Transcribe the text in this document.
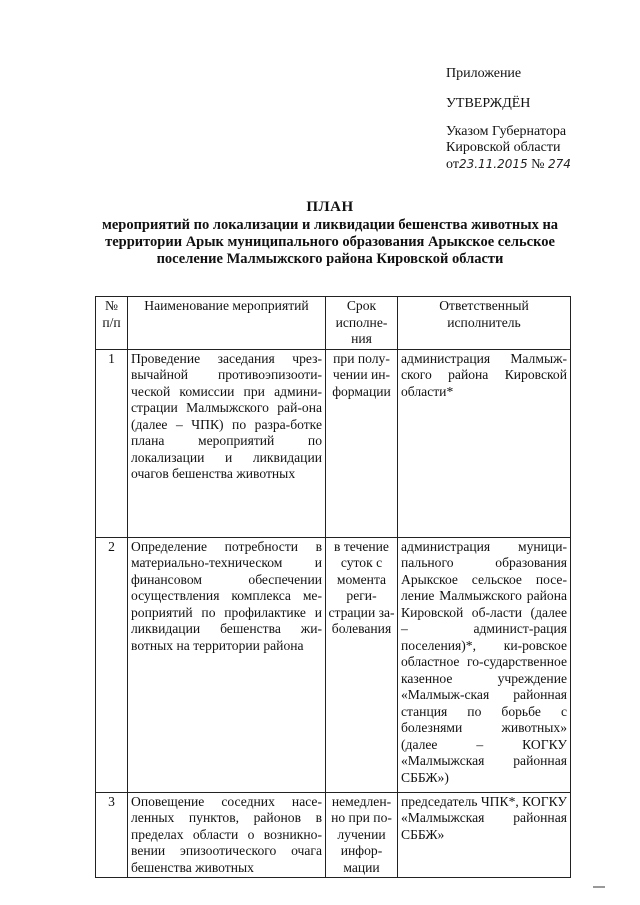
Приложение
УТВЕРЖДЁН
Указом Губернатора
Кировской области
от23.11.2015 № 274
ПЛАН
мероприятий по локализации и ликвидации бешенства животных на
территории Арык муниципального образования Арыкское сельское
поселение Малмыжского района Кировской области
№ п/п	Наименование мероприятий	Срок исполне-ния	Ответственный исполнитель
1	Проведение заседания чрез-вычайной противоэпизооти-ческой комиссии при админи-страции Малмыжского рай-она (далее – ЧПК) по разра-ботке плана мероприятий по локализации и ликвидации очагов бешенства животных	при полу-чении ин-формации	администрация Малмыж-ского района Кировской области*
2	Определение потребности в материально-техническом и финансовом обеспечении осуществления комплекса ме-роприятий по профилактике и ликвидации бешенства жи-вотных на территории района	в течение суток с момента реги-страции за-болевания	администрация муници-пального образования Арыкское сельское посе-ление Малмыжского района Кировской об-ласти (далее – админист-рация поселения)*, ки-ровское областное го-сударственное казенное учреждение «Малмыж-ская районная станция по борьбе с болезнями животных» (далее – КОГКУ «Малмыжская районная СББЖ»)
3	Оповещение соседних насе-ленных пунктов, районов в пределах области о возникно-вении эпизоотического очага бешенства животных	немедлен-но при по-лучении инфор-мации	председатель ЧПК*, КОГКУ «Малмыжская районная СББЖ»
